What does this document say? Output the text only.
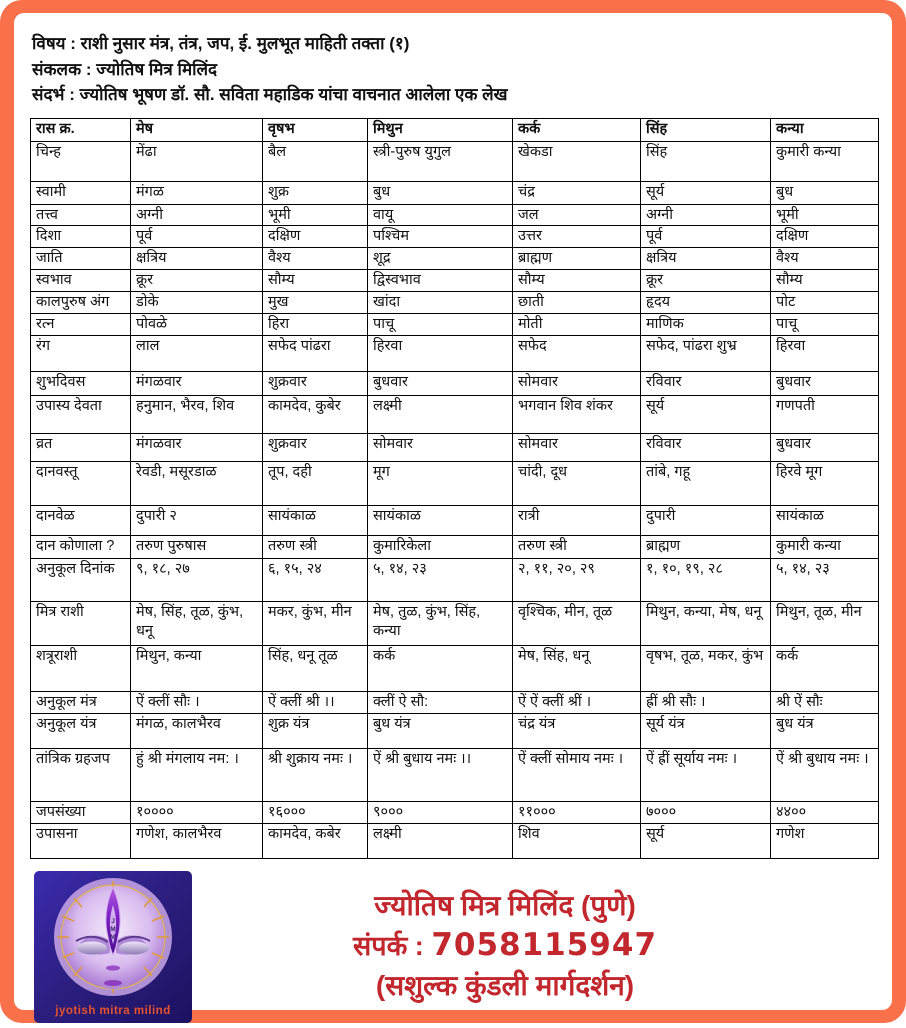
विषय : राशी नुसार मंत्र, तंत्र, जप, ई. मुलभूत माहिती तक्ता (१)
संकलक : ज्योतिष मित्र मिलिंद
संदर्भ : ज्योतिष भूषण डॉ. सौ. सविता महाडिक यांचा वाचनात आलेला एक लेख
रास क्र.	मेष	वृषभ	मिथुन	कर्क	सिंह	कन्या
चिन्ह	मेंढा	बैल	स्त्री-पुरुष युगुल	खेकडा	सिंह	कुमारी कन्या
स्वामी	मंगळ	शुक्र	बुध	चंद्र	सूर्य	बुध
तत्त्व	अग्नी	भूमी	वायू	जल	अग्नी	भूमी
दिशा	पूर्व	दक्षिण	पश्चिम	उत्तर	पूर्व	दक्षिण
जाति	क्षत्रिय	वैश्य	शूद्र	ब्राह्मण	क्षत्रिय	वैश्य
स्वभाव	क्रूर	सौम्य	द्विस्वभाव	सौम्य	क्रूर	सौम्य
कालपुरुष अंग	डोके	मुख	खांदा	छाती	हृदय	पोट
रत्न	पोवळे	हिरा	पाचू	मोती	माणिक	पाचू
रंग	लाल	सफेद पांढरा	हिरवा	सफेद	सफेद, पांढरा शुभ्र	हिरवा
शुभदिवस	मंगळवार	शुक्रवार	बुधवार	सोमवार	रविवार	बुधवार
उपास्य देवता	हनुमान, भैरव, शिव	कामदेव, कुबेर	लक्ष्मी	भगवान शिव शंकर	सूर्य	गणपती
व्रत	मंगळवार	शुक्रवार	सोमवार	सोमवार	रविवार	बुधवार
दानवस्तू	रेवडी, मसूरडाळ	तूप, दही	मूग	चांदी, दूध	तांबे, गहू	हिरवे मूग
दानवेळ	दुपारी २	सायंकाळ	सायंकाळ	रात्री	दुपारी	सायंकाळ
दान कोणाला ?	तरुण पुरुषास	तरुण स्त्री	कुमारिकेला	तरुण स्त्री	ब्राह्मण	कुमारी कन्या
अनुकूल दिनांक	९, १८, २७	६, १५, २४	५, १४, २३	२, ११, २०, २९	१, १०, १९, २८	५, १४, २३
मित्र राशी	मेष, सिंह, तूळ, कुंभ, धनू	मकर, कुंभ, मीन	मेष, तुळ, कुंभ, सिंह, कन्या	वृश्चिक, मीन, तूळ	मिथुन, कन्या, मेष, धनू	मिथुन, तूळ, मीन
शत्रूराशी	मिथुन, कन्या	सिंह, धनू तूळ	कर्क	मेष, सिंह, धनू	वृषभ, तूळ, मकर, कुंभ	कर्क
अनुकूल मंत्र	ऐं क्लीं सौः ।	ऐं क्लीं श्री ।।	क्लीं ऐ सौ:	ऐं ऐं क्लीं श्रीं ।	ह्रीं श्री सौः ।	श्री ऐं सौः
अनुकूल यंत्र	मंगळ, कालभैरव	शुक्र यंत्र	बुध यंत्र	चंद्र यंत्र	सूर्य यंत्र	बुध यंत्र
तांत्रिक ग्रहजप	हुं श्री मंगलाय नम: ।	श्री शुक्राय नमः ।	ऐं श्री बुधाय नमः ।।	ऐं क्लीं सोमाय नमः ।	ऐं ह्रीं सूर्याय नमः ।	ऐं श्री बुधाय नमः ।
जपसंख्या	१००००	१६०००	९०००	११०००	७०००	४४००
उपासना	गणेश, कालभैरव	कामदेव, कबेर	लक्ष्मी	शिव	सूर्य	गणेश
J
M
M
jyotish mitra milind
ज्योतिष मित्र मिलिंद (पुणे)
संपर्क : 7058115947
(सशुल्क कुंडली मार्गदर्शन)
